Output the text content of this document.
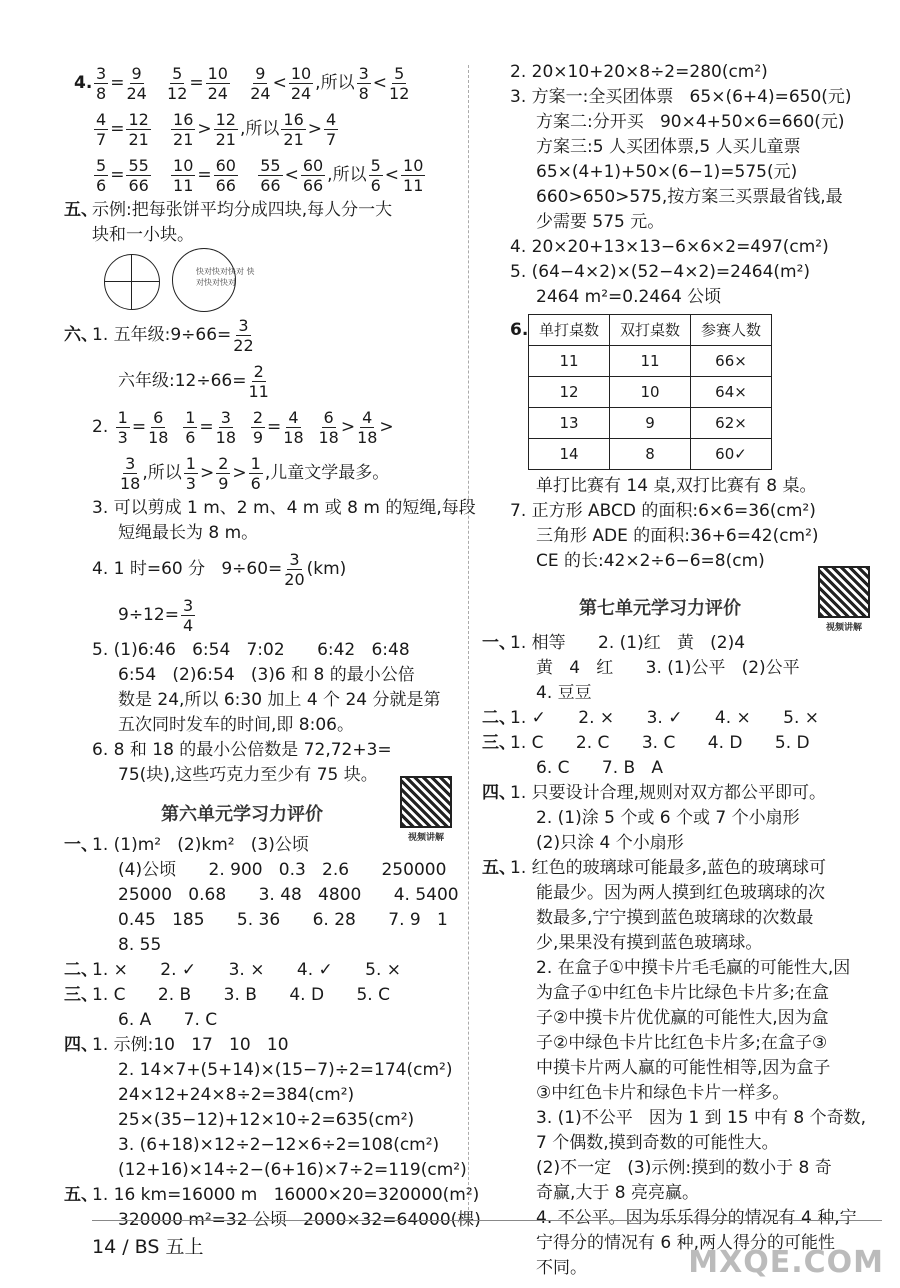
4. $\frac{3}{8} = \frac{9}{24}$
$\frac{5}{12} = \frac{10}{24}$
$\frac{9}{24} < \frac{10}{24}$ ,所以 $\frac{3}{8} < \frac{5}{12}$
$\frac{4}{7} = \frac{12}{21}$
$\frac{16}{21} > \frac{12}{21}$ ,所以 $\frac{16}{21} > \frac{4}{7}$
$\frac{5}{6} = \frac{55}{66}$
$\frac{10}{11} = \frac{60}{66}$
$\frac{55}{66} < \frac{60}{66}$ ,所以 $\frac{5}{6} < \frac{10}{11}$
五、
示例:把每张饼平均分成四块,每人分一大
块和一小块。
快对快对快对 快对快对快对
六、
1. 五年级:9÷66= $\frac{3}{22}$
六年级:12÷66= $\frac{2}{11}$
2. $\frac{1}{3} = \frac{6}{18}$
$\frac{1}{6} = \frac{3}{18}$
$\frac{2}{9} = \frac{4}{18}$
$\frac{6}{18} > \frac{4}{18}$ >
$\frac{3}{18}$ ,所以 $\frac{1}{3} > \frac{2}{9} > \frac{1}{6}$ ,儿童文学最多。
3. 可以剪成 1 m、2 m、4 m 或 8 m 的短绳,每段
短绳最长为 8 m。
4. 1 时=60 分   $9\div 60= \frac{3}{20} (km)$
$9\div 12= \frac{3}{4}$
5. (1)6:46   6:54   7:02      6:42   6:48
6:54   (2)6:54   (3)6 和 8 的最小公倍
数是 24,所以 6:30 加上 4 个 24 分就是第
五次同时发车的时间,即 8:06。
6. 8 和 18 的最小公倍数是 72,72+3=
75(块),这些巧克力至少有 75 块。
第六单元学习力评价
视频讲解
一、
1. (1)m²   (2)km²   (3)公顷
(4)公顷      2. 900   0.3   2.6      250000
25000   0.68      3. 48   4800      4. 5400
0.45   185      5. 36      6. 28      7. 9   1
8. 55
二、
1. ×      2. ✓      3. ×      4. ✓      5. ×
三、
1. C      2. B      3. B      4. D      5. C
6. A      7. C
四、
1. 示例:10   17   10   10
2. 14×7+(5+14)×(15−7)÷2=174(cm²)
24×12+24×8÷2=384(cm²)
25×(35−12)+12×10÷2=635(cm²)
3. (6+18)×12÷2−12×6÷2=108(cm²)
(12+16)×14÷2−(6+16)×7÷2=119(cm²)
五、
1. 16 km=16000 m   16000×20=320000(m²)
320000 m²=32 公顷   2000×32=64000(棵)
2. 20×10+20×8÷2=280(cm²)
3. 方案一:全买团体票   65×(6+4)=650(元)
方案二:分开买   90×4+50×6=660(元)
方案三:5 人买团体票,5 人买儿童票
65×(4+1)+50×(6−1)=575(元)
660>650>575,按方案三买票最省钱,最
少需要 575 元。
4. 20×20+13×13−6×6×2=497(cm²)
5. (64−4×2)×(52−4×2)=2464(m²)
2464 m²=0.2464 公顷
6. 单打桌数	双打桌数	参赛人数
11	11	66×
12	10	64×
13	9	62×
14	8	60✓
单打比赛有 14 桌,双打比赛有 8 桌。
7. 正方形 ABCD 的面积:6×6=36(cm²)
三角形 ADE 的面积:36+6=42(cm²)
CE 的长:42×2÷6−6=8(cm)
第七单元学习力评价
视频讲解
一、
1. 相等      2. (1)红   黄   (2)4
黄   4   红      3. (1)公平   (2)公平
4. 豆豆
二、
1. ✓      2. ×      3. ✓      4. ×      5. ×
三、
1. C      2. C      3. C      4. D      5. D
6. C      7. B   A
四、
1. 只要设计合理,规则对双方都公平即可。
2. (1)涂 5 个或 6 个或 7 个小扇形
(2)只涂 4 个小扇形
五、
1. 红色的玻璃球可能最多,蓝色的玻璃球可
能最少。因为两人摸到红色玻璃球的次
数最多,宁宁摸到蓝色玻璃球的次数最
少,果果没有摸到蓝色玻璃球。
2. 在盒子①中摸卡片毛毛赢的可能性大,因
为盒子①中红色卡片比绿色卡片多;在盒
子②中摸卡片优优赢的可能性大,因为盒
子②中绿色卡片比红色卡片多;在盒子③
中摸卡片两人赢的可能性相等,因为盒子
③中红色卡片和绿色卡片一样多。
3. (1)不公平   因为 1 到 15 中有 8 个奇数,
7 个偶数,摸到奇数的可能性大。
(2)不一定   (3)示例:摸到的数小于 8 奇
奇赢,大于 8 亮亮赢。
4. 不公平。因为乐乐得分的情况有 4 种,宁
宁得分的情况有 6 种,两人得分的可能性
不同。
14 / BS 五上	MXQE.COM
